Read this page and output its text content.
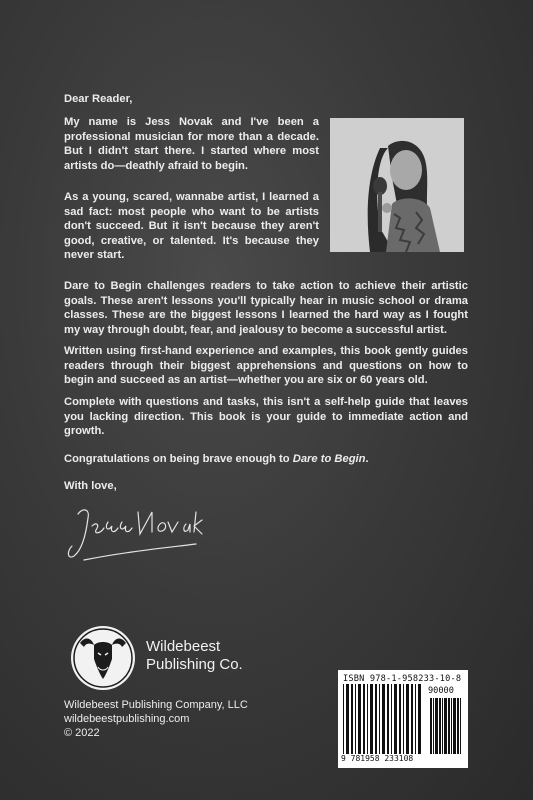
Dear Reader,
My name is Jess Novak and I've been a professional musician for more than a decade. But I didn't start there. I started where most artists do—deathly afraid to begin.
As a young, scared, wannabe artist, I learned a sad fact: most people who want to be artists don't succeed. But it isn't because they aren't good, creative, or talented. It's because they never start.
Dare to Begin challenges readers to take action to achieve their artistic goals. These aren't lessons you'll typically hear in music school or drama classes. These are the biggest lessons I learned the hard way as I fought my way through doubt, fear, and jealousy to become a successful artist.
Written using first-hand experience and examples, this book gently guides readers through their biggest apprehensions and questions on how to begin and succeed as an artist—whether you are six or 60 years old.
Complete with questions and tasks, this isn't a self-help guide that leaves you lacking direction. This book is your guide to immediate action and growth.
Congratulations on being brave enough to Dare to Begin.
With love,
Wildebeest
Publishing Co.
Wildebeest Publishing Company, LLC
wildebeestpublishing.com
© 2022
ISBN 978-1-958233-10-8
90000
9 781958 233108
